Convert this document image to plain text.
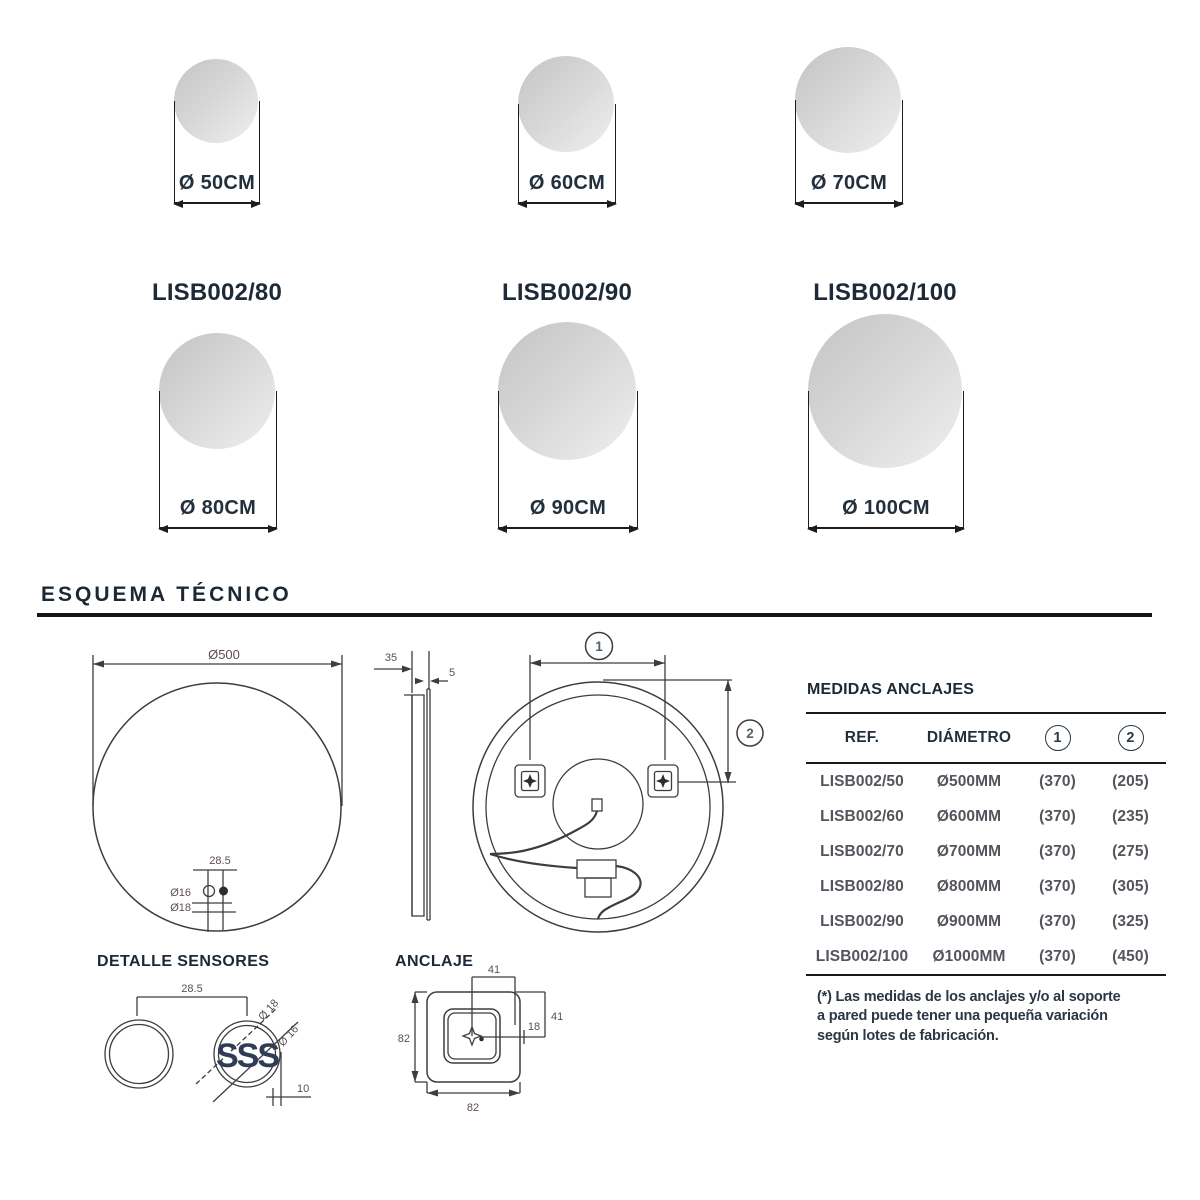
Ø 50CM	Ø 60CM	Ø 70CM
LISB002/80
Ø 80CM
LISB002/90
Ø 90CM
LISB002/100
Ø 100CM
ESQUEMA TÉCNICO
DETALLE SENSORES	ANCLAJE
MEDIDAS ANCLAJES
Ø500
28.5
Ø16
Ø18
35
5
1
2
28.5
SSS
Ø 18
Ø 16
10
41
41
18
82
82
REF.	DIÁMETRO	1	2
LISB002/50	Ø500MM	(370)	(205)
LISB002/60	Ø600MM	(370)	(235)
LISB002/70	Ø700MM	(370)	(275)
LISB002/80	Ø800MM	(370)	(305)
LISB002/90	Ø900MM	(370)	(325)
LISB002/100	Ø1000MM	(370)	(450)
(*) Las medidas de los anclajes y/o al soporte
a pared puede tener una pequeña variación
según lotes de fabricación.
